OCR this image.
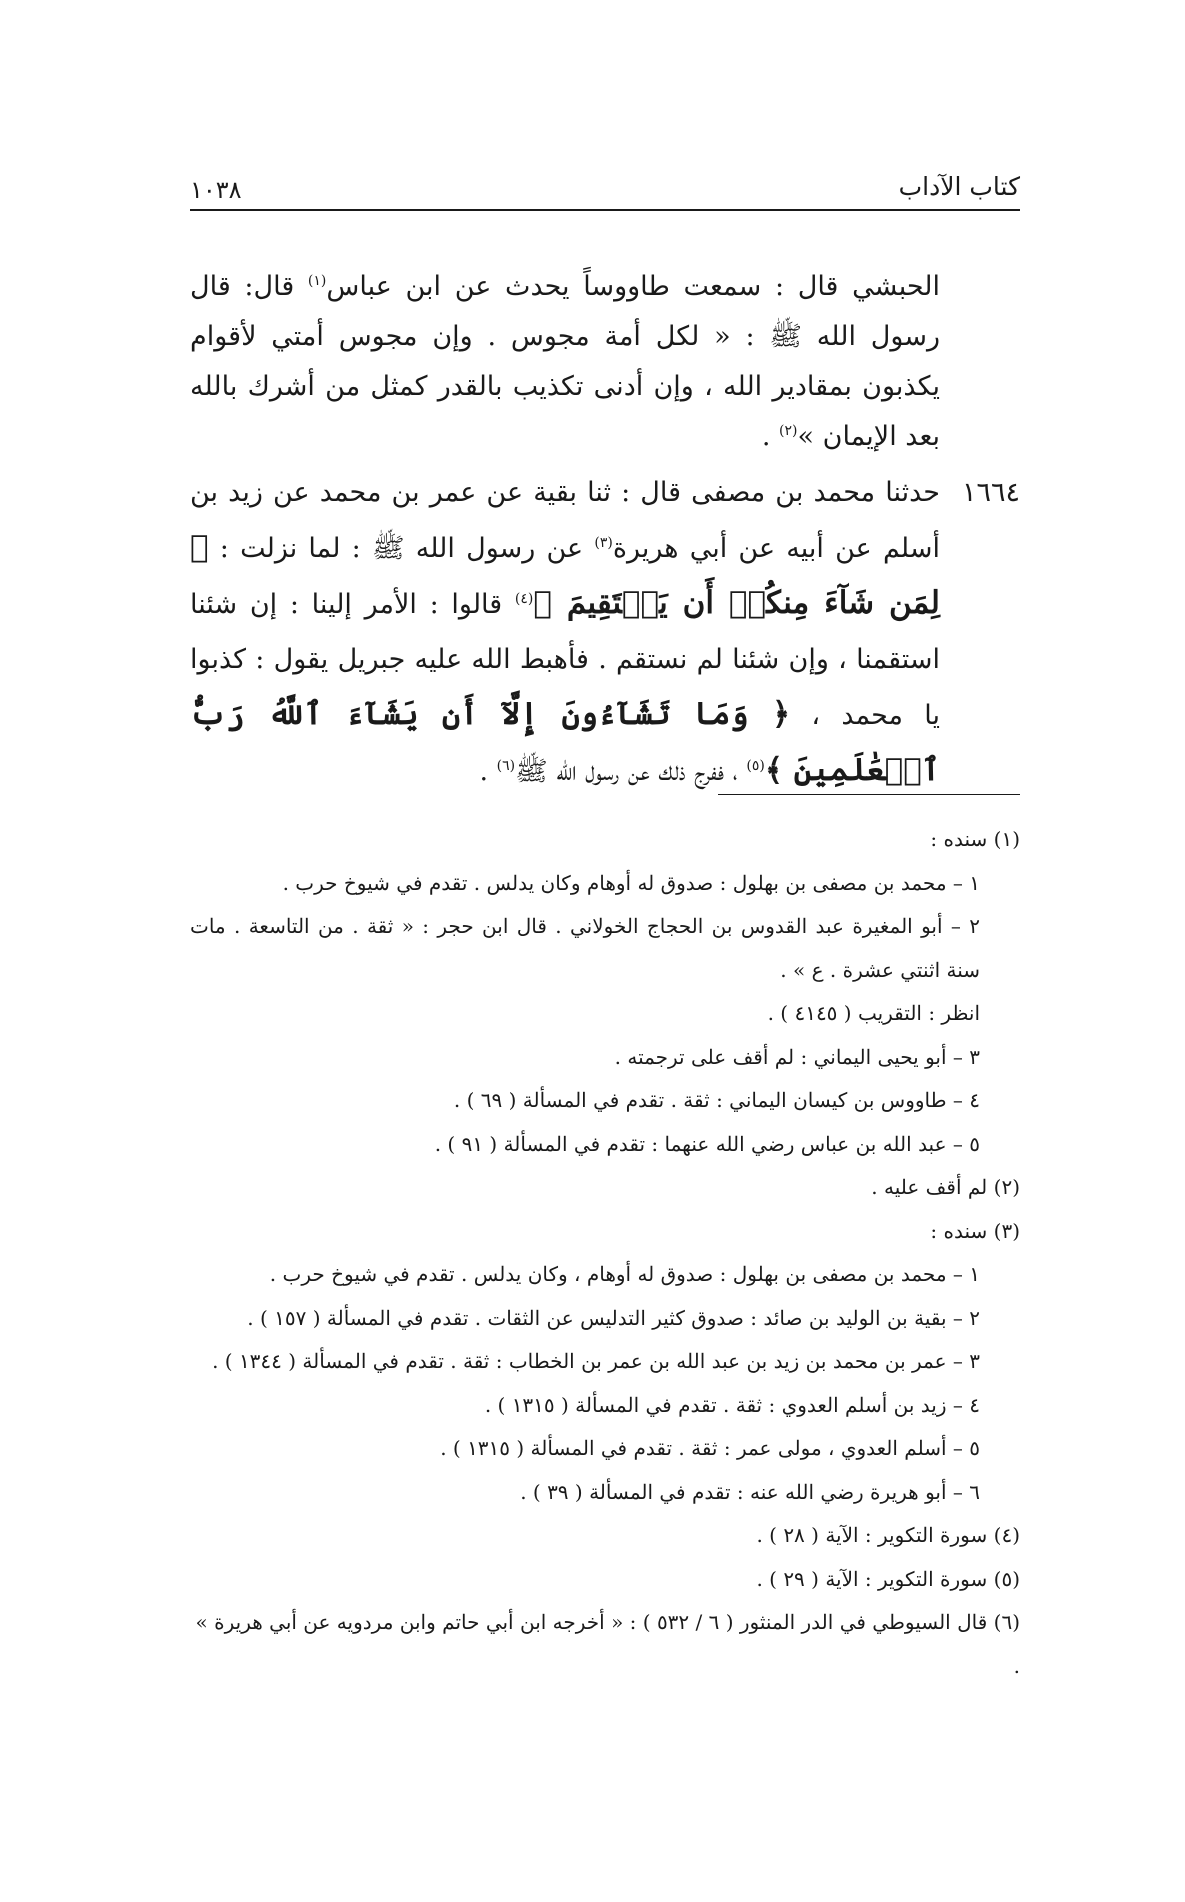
كتاب الآداب
١٠٣٨
الحبشي قال : سمعت طاووساً يحدث عن ابن عباس$^{(١)}$ قال: قال رسول الله ﷺ : « لكل أمة مجوس . وإن مجوس أمتي لأقوام يكذبون بمقادير الله ، وإن أدنى تكذيب بالقدر كمثل من أشرك بالله بعد الإيمان »$^{(٢)}$ .
١٦٦٤
حدثنا محمد بن مصفى قال : ثنا بقية عن عمر بن محمد عن زيد بن أسلم عن أبيه عن أبي هريرة$^{(٣)}$ عن رسول الله ﷺ : لما نزلت : ﴿ لِمَن شَآءَ مِنكُمۡ أَن يَسۡتَقِيمَ ﴾$^{(٤)}$ قالوا : الأمر إلينا : إن شئنا استقمنا ، وإن شئنا لم نستقم . فأهبط الله عليه جبريل يقول : كذبوا يا محمد ، ﴿ وَمَا تَشَآءُونَ إِلَّآ أَن يَشَآءَ ٱللَّهُ رَبُّ ٱلۡعَٰلَمِينَ ﴾$^{(٥)}$ ، ففرج ذلك عن رسول الله ﷺ$^{(٦)}$ .

(١) سنده :

١ – محمد بن مصفى بن بهلول : صدوق له أوهام وكان يدلس . تقدم في شيوخ حرب .

٢ – أبو المغيرة عبد القدوس بن الحجاج الخولاني . قال ابن حجر : « ثقة . من التاسعة . مات سنة اثنتي عشرة . ع » .

انظر : التقريب ( ٤١٤٥ ) .

٣ – أبو يحيى اليماني : لم أقف على ترجمته .

٤ – طاووس بن كيسان اليماني : ثقة . تقدم في المسألة ( ٦٩ ) .

٥ – عبد الله بن عباس رضي الله عنهما : تقدم في المسألة ( ٩١ ) .

(٢) لم أقف عليه .

(٣) سنده :

١ – محمد بن مصفى بن بهلول : صدوق له أوهام ، وكان يدلس . تقدم في شيوخ حرب .

٢ – بقية بن الوليد بن صائد : صدوق كثير التدليس عن الثقات . تقدم في المسألة ( ١٥٧ ) .

٣ – عمر بن محمد بن زيد بن عبد الله بن عمر بن الخطاب : ثقة . تقدم في المسألة ( ١٣٤٤ ) .

٤ – زيد بن أسلم العدوي : ثقة . تقدم في المسألة ( ١٣١٥ ) .

٥ – أسلم العدوي ، مولى عمر : ثقة . تقدم في المسألة ( ١٣١٥ ) .

٦ – أبو هريرة رضي الله عنه : تقدم في المسألة ( ٣٩ ) .

(٤) سورة التكوير : الآية ( ٢٨ ) .

(٥) سورة التكوير : الآية ( ٢٩ ) .

(٦) قال السيوطي في الدر المنثور ( ٦ / ٥٣٢ ) : « أخرجه ابن أبي حاتم وابن مردويه عن أبي هريرة » .
